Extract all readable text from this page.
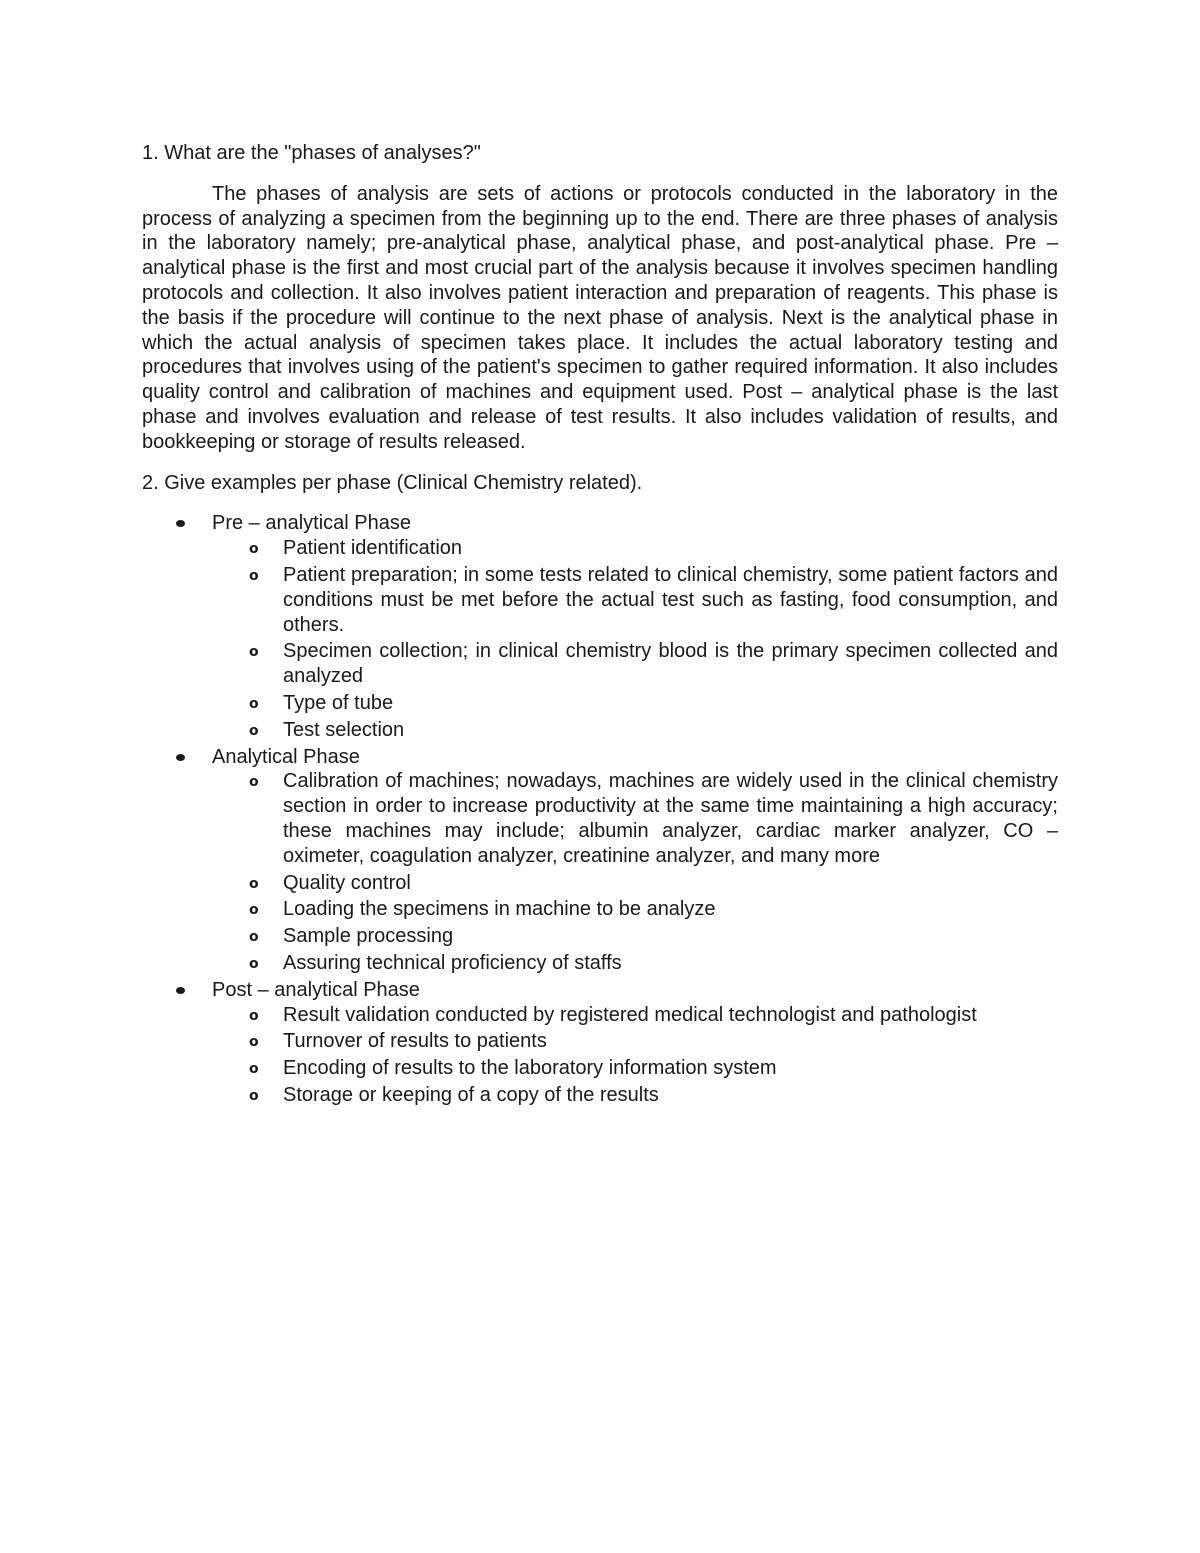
1. What are the "phases of analyses?"

The phases of analysis are sets of actions or protocols conducted in the laboratory in the process of analyzing a specimen from the beginning up to the end. There are three phases of analysis in the laboratory namely; pre-analytical phase, analytical phase, and post-analytical phase. Pre – analytical phase is the first and most crucial part of the analysis because it involves specimen handling protocols and collection. It also involves patient interaction and preparation of reagents. This phase is the basis if the procedure will continue to the next phase of analysis. Next is the analytical phase in which the actual analysis of specimen takes place. It includes the actual laboratory testing and procedures that involves using of the patient's specimen to gather required information. It also includes quality control and calibration of machines and equipment used. Post – analytical phase is the last phase and involves evaluation and release of test results. It also includes validation of results, and bookkeeping or storage of results released.

2. Give examples per phase (Clinical Chemistry related).

Pre – analytical Phase
o Patient identification
o Patient preparation; in some tests related to clinical chemistry, some patient factors and conditions must be met before the actual test such as fasting, food consumption, and others.
o Specimen collection; in clinical chemistry blood is the primary specimen collected and analyzed
o Type of tube
o Test selection
Analytical Phase
o Calibration of machines; nowadays, machines are widely used in the clinical chemistry section in order to increase productivity at the same time maintaining a high accuracy; these machines may include; albumin analyzer, cardiac marker analyzer, CO – oximeter, coagulation analyzer, creatinine analyzer, and many more
o Quality control
o Loading the specimens in machine to be analyze
o Sample processing
o Assuring technical proficiency of staffs
Post – analytical Phase
o Result validation conducted by registered medical technologist and pathologist
o Turnover of results to patients
o Encoding of results to the laboratory information system
o Storage or keeping of a copy of the results
